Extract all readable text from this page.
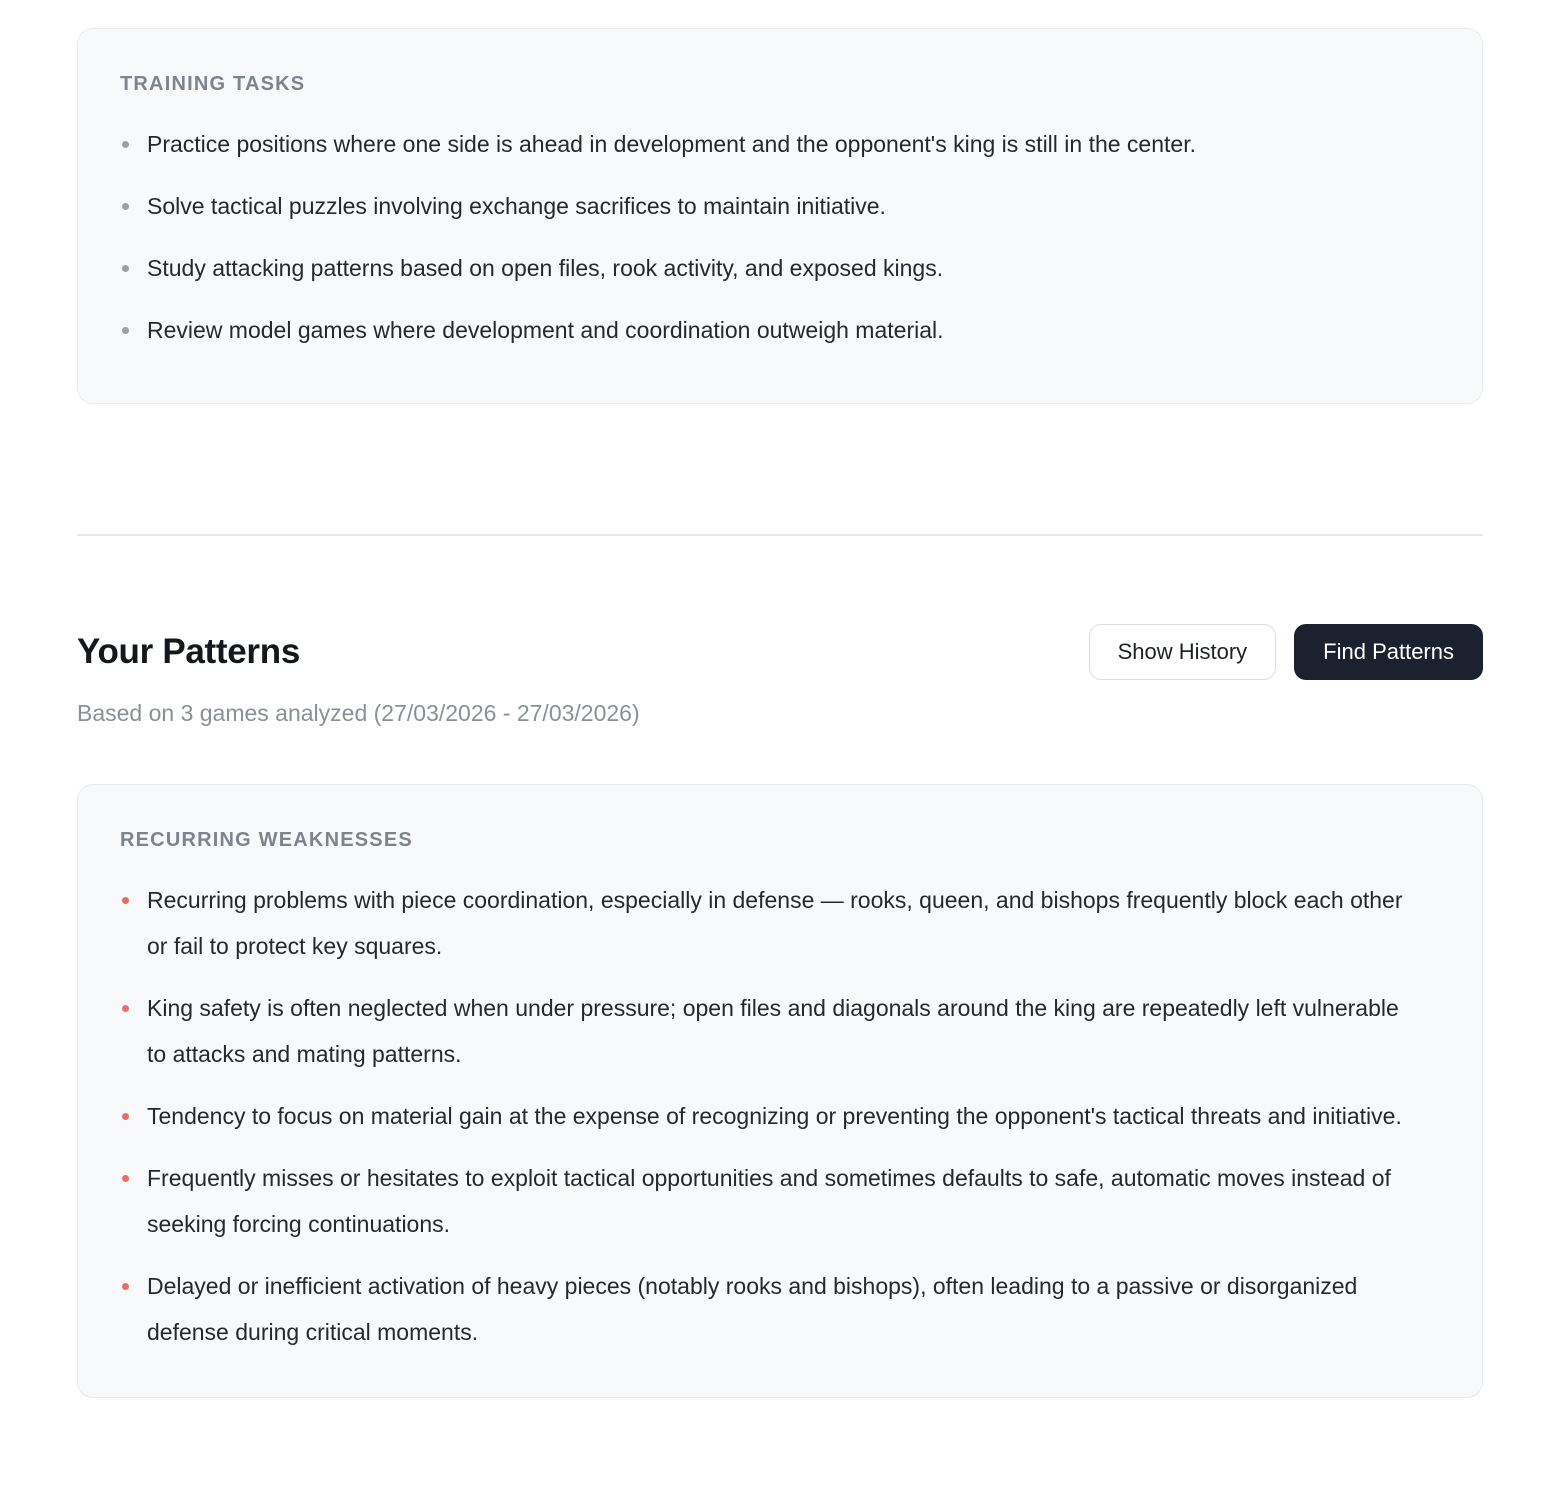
TRAINING TASKS
Practice positions where one side is ahead in development and the opponent's king is still in the center.
Solve tactical puzzles involving exchange sacrifices to maintain initiative.
Study attacking patterns based on open files, rook activity, and exposed kings.
Review model games where development and coordination outweigh material.
Your Patterns	Show History	Find Patterns

Based on 3 games analyzed (27/03/2026 - 27/03/2026)

RECURRING WEAKNESSES
Recurring problems with piece coordination, especially in defense — rooks, queen, and bishops frequently block each other or fail to protect key squares.
King safety is often neglected when under pressure; open files and diagonals around the king are repeatedly left vulnerable to attacks and mating patterns.
Tendency to focus on material gain at the expense of recognizing or preventing the opponent's tactical threats and initiative.
Frequently misses or hesitates to exploit tactical opportunities and sometimes defaults to safe, automatic moves instead of seeking forcing continuations.
Delayed or inefficient activation of heavy pieces (notably rooks and bishops), often leading to a passive or disorganized defense during critical moments.
